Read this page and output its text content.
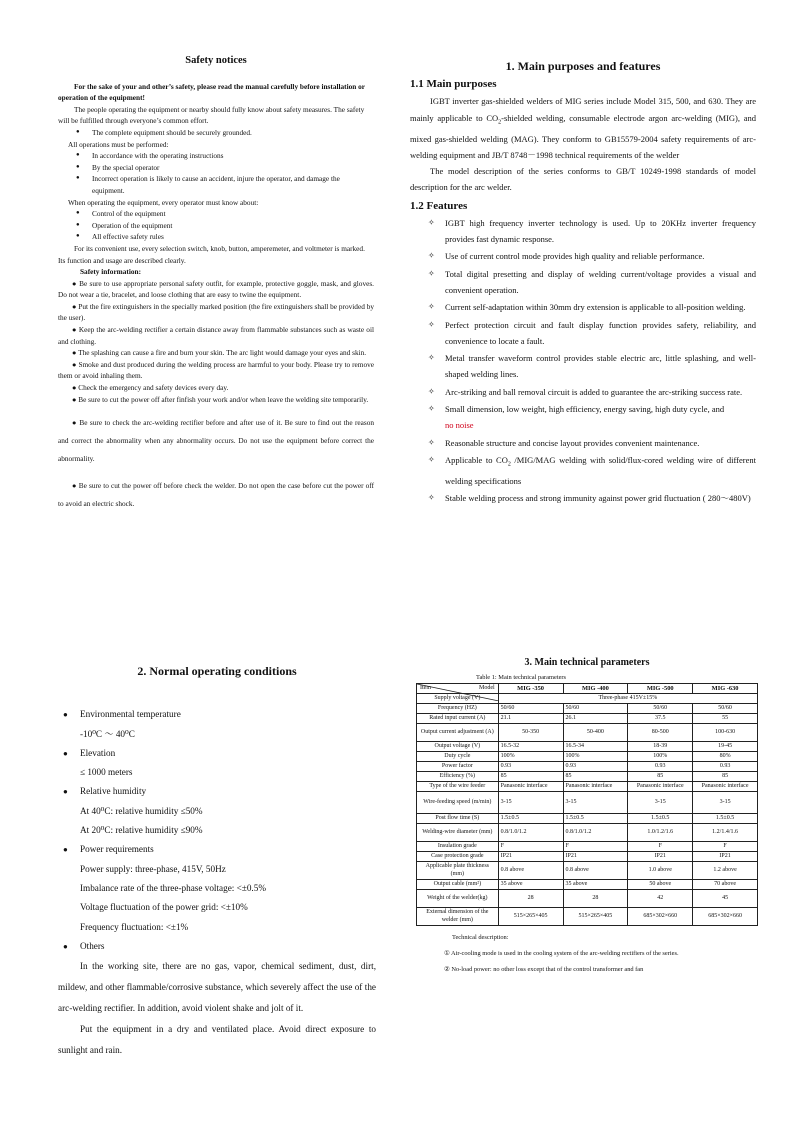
Safety notices

For the sake of your and other’s safety, please read the manual carefully before installation or operation of the equipment!

The people operating the equipment or nearby should fully know about safety measures. The safety will be fulfilled through everyone’s common effort.

● The complete equipment should be securely grounded.

All operations must be performed:

● In accordance with the operating instructions

● By the special operator

● Incorrect operation is likely to cause an accident, injure the operator, and damage the equipment.

When operating the equipment, every operator must know about:

● Control of the equipment

● Operation of the equipment

● All effective safety rules

For its convenient use, every selection switch, knob, button, amperemeter, and voltmeter is marked. Its function and usage are described clearly.

Safety information:

● Be sure to use appropriate personal safety outfit, for example, protective goggle, mask, and gloves. Do not wear a tie, bracelet, and loose clothing that are easy to twine the equipment.

● Put the fire extinguishers in the specially marked position (the fire extinguishers shall be provided by the user).

● Keep the arc-welding rectifier a certain distance away from flammable substances such as waste oil and clothing.

● The splashing can cause a fire and burn your skin. The arc light would damage your eyes and skin.

● Smoke and dust produced during the welding process are harmful to your body. Please try to remove them or avoid inhaling them.

● Check the emergency and safety devices every day.

● Be sure to cut the power off after finfish your work and/or when leave the welding site temporarily.

● Be sure to check the arc-welding rectifier before and after use of it. Be sure to find out the reason and correct the abnormality when any abnormality occurs. Do not use the equipment before correct the abnormality.

● Be sure to cut the power off before check the welder. Do not open the case before cut the power off to avoid an electric shock.

1. Main purposes and features
1.1 Main purposes

IGBT inverter gas-shielded welders of MIG series include Model 315, 500, and 630. They are mainly applicable to $CO_2$-shielded welding, consumable electrode argon arc-welding (MIG), and mixed gas-shielded welding (MAG). They conform to GB15579-2004 safety requirements of arc-welding equipment and JB/T 8748－1998 technical requirements of the welder

The model description of the series conforms to GB/T 10249-1998 standards of model description for the arc welder.

1.2 Features

✧ IGBT high frequency inverter technology is used. Up to 20KHz inverter frequency provides fast dynamic response.

✧ Use of current control mode provides high quality and reliable performance.

✧ Total digital presetting and display of welding current/voltage provides a visual and convenient operation.

✧ Current self-adaptation within 30mm dry extension is applicable to all-position welding.

✧ Perfect protection circuit and fault display function provides safety, reliability, and convenience to locate a fault.

✧ Metal transfer waveform control provides stable electric arc, little splashing, and well-shaped welding lines.

✧ Arc-striking and ball removal circuit is added to guarantee the arc-striking success rate.

✧ Small dimension, low weight, high efficiency, energy saving, high duty cycle, and
no noise

✧ Reasonable structure and concise layout provides convenient maintenance.

✧ Applicable to $CO_2$ /MIG/MAG welding with solid/flux-cored welding wire of different welding specifications

✧ Stable welding process and strong immunity against power grid fluctuation ( 280～480V)

2. Normal operating conditions

● Environmental temperature

-10⁰C ～ 40⁰C

● Elevation

≤ 1000 meters

● Relative humidity

At 40⁰C: relative humidity ≤50%

At 20⁰C: relative humidity ≤90%

● Power requirements

Power supply: three-phase, 415V, 50Hz

Imbalance rate of the three-phase voltage: <±0.5%

Voltage fluctuation of the power grid: <±10%

Frequency fluctuation: <±1%

● Others

In the working site, there are no gas, vapor, chemical sediment, dust, dirt, mildew, and other flammable/corrosive substance, which severely affect the use of the arc-welding rectifier. In addition, avoid violent shake and jolt of it.

Put the equipment in a dry and ventilated place. Avoid direct exposure to sunlight and rain.

3. Main technical parameters
Table 1: Main technical parameters
Model
Item	MIG -350	MIG -400	MIG -500	MIG -630
Supply voltage (V)	Three-phase 415V±15%			
Frequency (HZ)	50/60	50/60	50/60	50/60
Rated input current (A)	21.1	26.1	37.5	55
Output current adjustment (A)	50-350	50-400	80-500	100-630
Output voltage (V)	16.5-32	16.5-34	18-39	19-45
Duty cycle	100%	100%	100%	80%
Power factor	0.93	0.93	0.93	0.93
Efficiency (%)	85	85	85	85
Type of the wire feeder	Panasonic interface	Panasonic interface	Panasonic interface	Panasonic interface
Wire-feeding speed (m/min)	3-15	3-15	3-15	3-15
Post flow time (S)	1.5±0.5	1.5±0.5	1.5±0.5	1.5±0.5
Welding-wire diameter (mm)	0.8/1.0/1.2	0.8/1.0/1.2	1.0/1.2/1.6	1.2/1.4/1.6
Insulation grade	F	F	F	F
Case protection grade	IP21	IP21	IP21	IP21
Applicable plate thickness (mm)	0.8 above	0.8 above	1.0 above	1.2 above
Output cable (mm²)	35 above	35 above	50 above	70 above
Weight of the welder(kg)	28	28	42	45
External dimension of the welder (mm)	515×265×405	515×265×405	685×302×660	685×302×660
Technical description:
① Air-cooling mode is used in the cooling system of the arc-welding rectifiers of the series.
② No-load power: no other loss except that of the control transformer and fan
